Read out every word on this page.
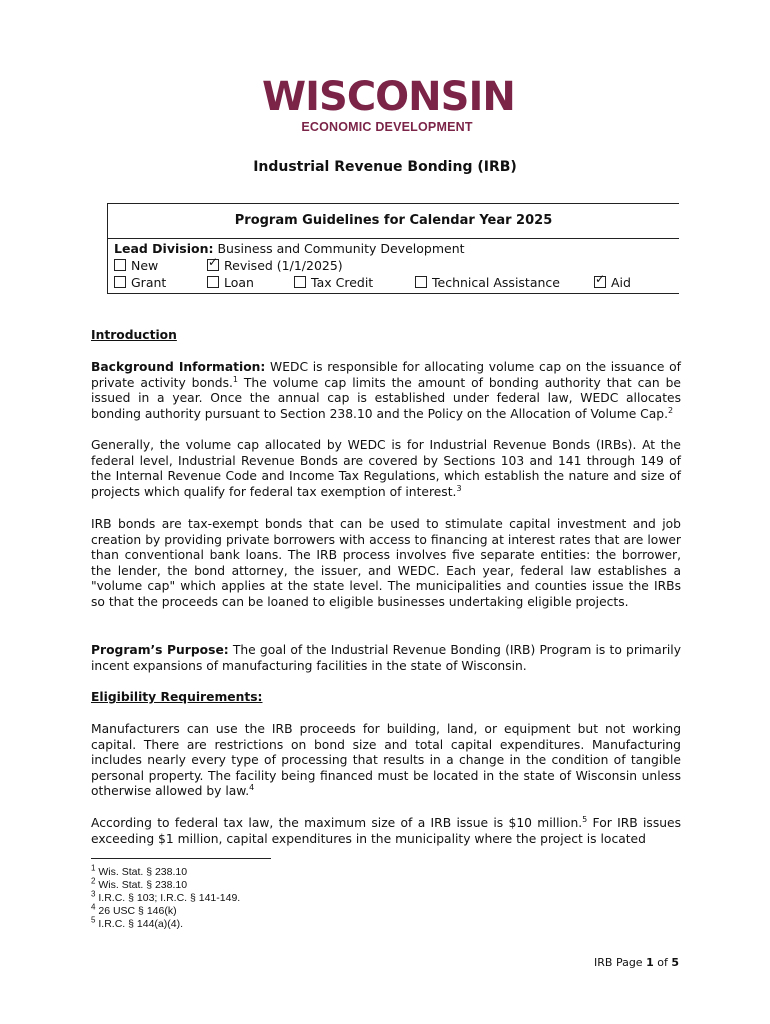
WISCONSIN
ECONOMIC DEVELOPMENT
Industrial Revenue Bonding (IRB)
Program Guidelines for Calendar Year 2025
Lead Division: Business and Community Development
New ✓	Revised (1/1/2025)
Grant	Loan	Tax Credit	Technical Assistance ✓	Aid
Introduction

Background Information: WEDC is responsible for allocating volume cap on the issuance of private activity bonds.$^1$ The volume cap limits the amount of bonding authority that can be issued in a year. Once the annual cap is established under federal law, WEDC allocates bonding authority pursuant to Section 238.10 and the Policy on the Allocation of Volume Cap.$^2$

Generally, the volume cap allocated by WEDC is for Industrial Revenue Bonds (IRBs). At the federal level, Industrial Revenue Bonds are covered by Sections 103 and 141 through 149 of the Internal Revenue Code and Income Tax Regulations, which establish the nature and size of projects which qualify for federal tax exemption of interest.$^3$

IRB bonds are tax-exempt bonds that can be used to stimulate capital investment and job creation by providing private borrowers with access to financing at interest rates that are lower than conventional bank loans. The IRB process involves five separate entities: the borrower, the lender, the bond attorney, the issuer, and WEDC. Each year, federal law establishes a "volume cap" which applies at the state level. The municipalities and counties issue the IRBs so that the proceeds can be loaned to eligible businesses undertaking eligible projects.

Program’s Purpose: The goal of the Industrial Revenue Bonding (IRB) Program is to primarily incent expansions of manufacturing facilities in the state of Wisconsin.

Eligibility Requirements:

Manufacturers can use the IRB proceeds for building, land, or equipment but not working capital. There are restrictions on bond size and total capital expenditures. Manufacturing includes nearly every type of processing that results in a change in the condition of tangible personal property. The facility being financed must be located in the state of Wisconsin unless otherwise allowed by law.$^4$

According to federal tax law, the maximum size of a IRB issue is $10 million.$^5$ For IRB issues exceeding $1 million, capital expenditures in the municipality where the project is located

$^1$ Wis. Stat. § 238.10
$^2$ Wis. Stat. § 238.10
$^3$ I.R.C. § 103; I.R.C. § 141-149.
$^4$ 26 USC § 146(k)
$^5$ I.R.C. § 144(a)(4).
IRB Page 1 of 5
